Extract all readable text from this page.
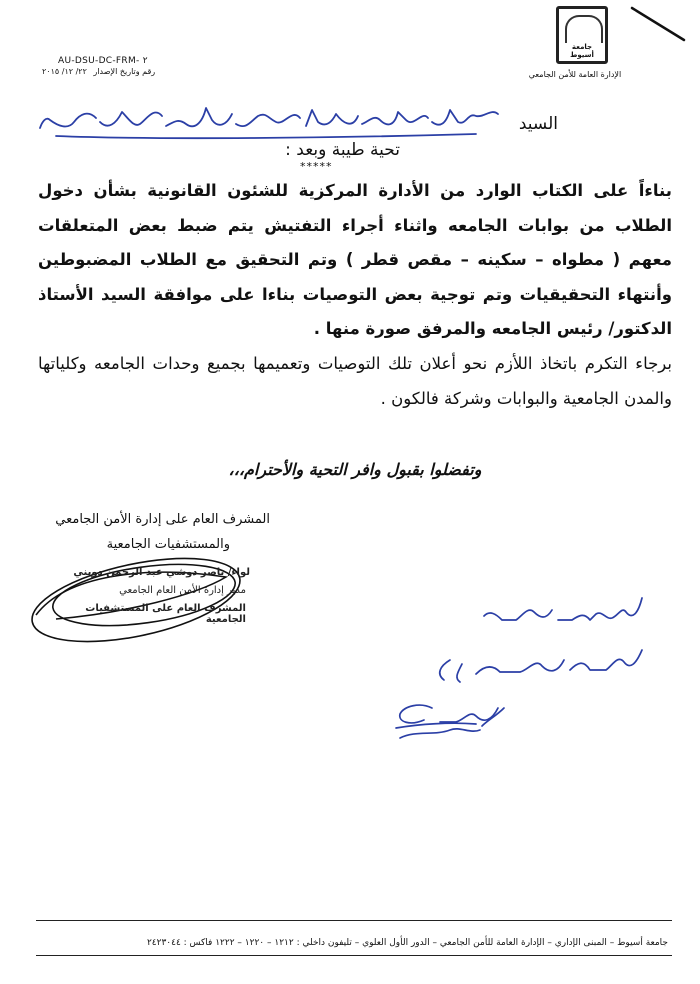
جامعة أسيوط
الإدارة العامة للأمن الجامعي
AU-DSU-DC-FRM- ٢
رقم وتاريخ الإصدار ٢٢/ ١٢/ ٢٠١٥
السيد
تحية طيبة وبعد :
*****

بناءاً على الكتاب الوارد من الأدارة المركزية للشئون القانونية بشأن دخول الطلاب من بوابات الجامعه واثناء أجراء التفتيش يتم ضبط بعض المتعلقات معهم ( مطواه – سكينه – مقص قطر ) وتم التحقيق مع الطلاب المضبوطين وأنتهاء التحقيقيات وتم توجية بعض التوصيات بناءا على موافقة السيد الأستاذ الدكتور/ رئيس الجامعه والمرفق صورة منها .

برجاء التكرم باتخاذ اللأزم نحو أعلان تلك التوصيات وتعميمها بجميع وحدات الجامعه وكلياتها والمدن الجامعية والبوابات وشركة فالكون .

وتفضلوا بقبول وافر التحية والأحترام،،،
المشرف العام على إدارة الأمن الجامعي
والمستشفيات الجامعية
لواء/ ناصر دوشي عبد الرحمن دويني
مدير إدارة الأمن العام الجامعي
المشرف العام على المستشفيات الجامعية
جامعة أسيوط – المبنى الإداري – الإدارة العامة للأمن الجامعي – الدور الأول العلوي – تليفون داخلي : ١٢١٢ – ١٢٢٠ – ١٢٢٢ فاكس : ٢٤٢٣٠٤٤
